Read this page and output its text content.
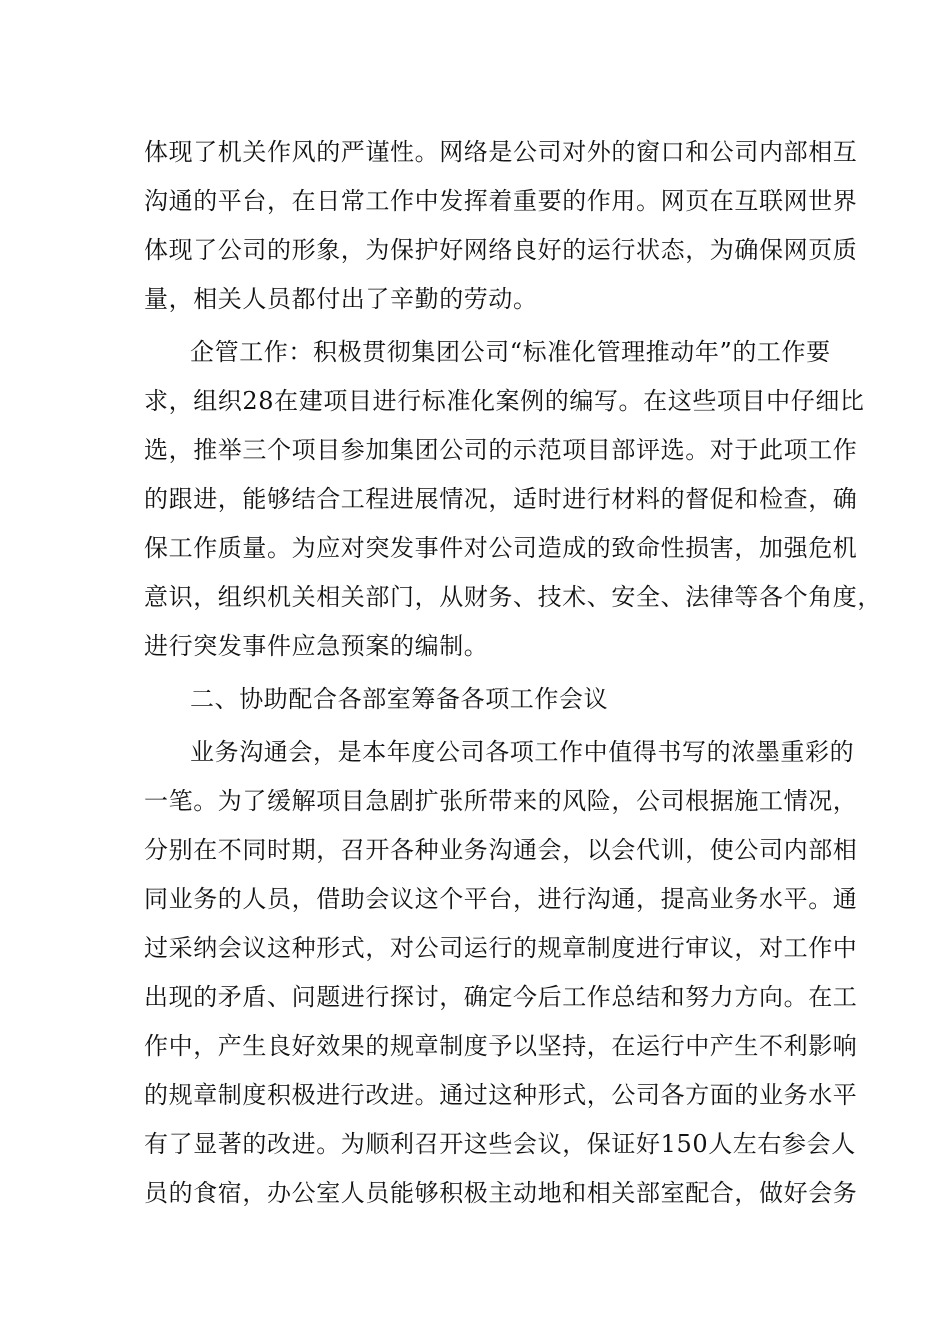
体现了机关作风的严谨性。网络是公司对外的窗口和公司内部相互
沟通的平台，在日常工作中发挥着重要的作用。网页在互联网世界
体现了公司的形象，为保护好网络良好的运行状态，为确保网页质
量，相关人员都付出了辛勤的劳动。
企管工作：积极贯彻集团公司“标准化管理推动年”的工作要
求，组织28在建项目进行标准化案例的编写。在这些项目中仔细比
选，推举三个项目参加集团公司的示范项目部评选。对于此项工作
的跟进，能够结合工程进展情况，适时进行材料的督促和检查，确
保工作质量。为应对突发事件对公司造成的致命性损害，加强危机
意识，组织机关相关部门，从财务、技术、安全、法律等各个角度，
进行突发事件应急预案的编制。
二、协助配合各部室筹备各项工作会议
业务沟通会，是本年度公司各项工作中值得书写的浓墨重彩的
一笔。为了缓解项目急剧扩张所带来的风险，公司根据施工情况，
分别在不同时期，召开各种业务沟通会，以会代训，使公司内部相
同业务的人员，借助会议这个平台，进行沟通，提高业务水平。通
过采纳会议这种形式，对公司运行的规章制度进行审议，对工作中
出现的矛盾、问题进行探讨，确定今后工作总结和努力方向。在工
作中，产生良好效果的规章制度予以坚持，在运行中产生不利影响
的规章制度积极进行改进。通过这种形式，公司各方面的业务水平
有了显著的改进。为顺利召开这些会议，保证好150人左右参会人
员的食宿，办公室人员能够积极主动地和相关部室配合，做好会务
